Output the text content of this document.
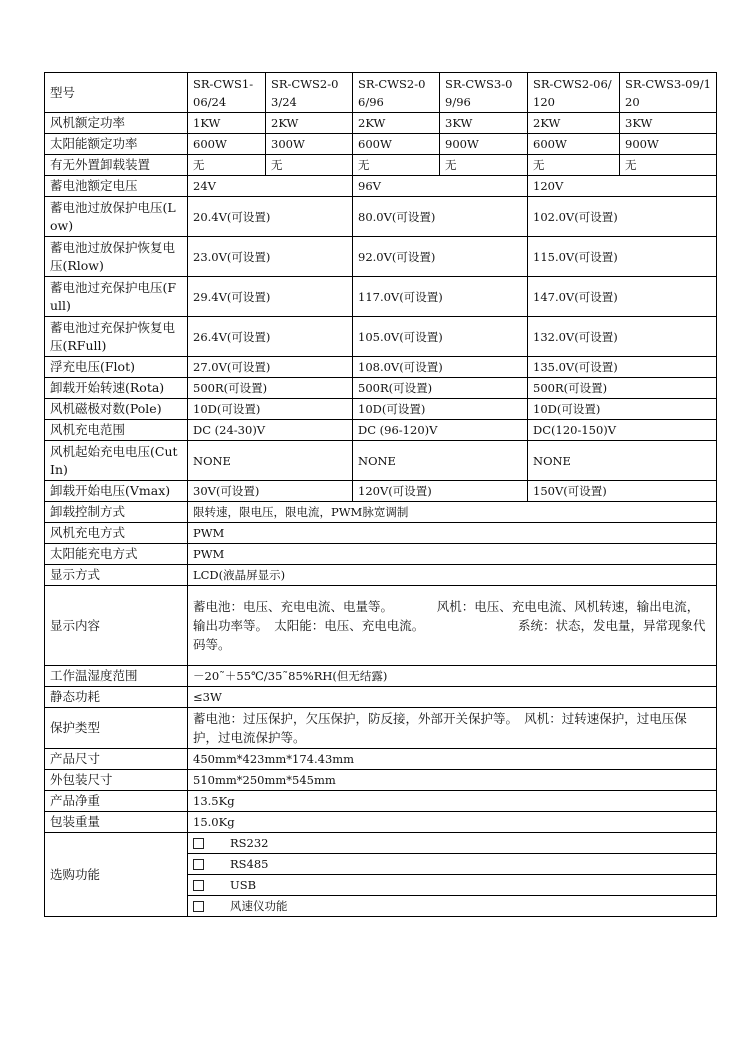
型号	SR-CWS1-06/24	SR-CWS2-03/24	SR-CWS2-06/96	SR-CWS3-09/96	SR-CWS2-06/120	SR-CWS3-09/120
风机额定功率	1KW	2KW	2KW	3KW	2KW	3KW
太阳能额定功率	600W	300W	600W	900W	600W	900W
有无外置卸载装置	无	无	无	无	无	无
蓄电池额定电压	24V		96V		120V	
蓄电池过放保护电压(Low)	20.4V(可设置)		80.0V(可设置)		102.0V(可设置)	
蓄电池过放保护恢复电压(Rlow)	23.0V(可设置)		92.0V(可设置)		115.0V(可设置)	
蓄电池过充保护电压(Full)	29.4V(可设置)		117.0V(可设置)		147.0V(可设置)	
蓄电池过充保护恢复电压(RFull)	26.4V(可设置)		105.0V(可设置)		132.0V(可设置)	
浮充电压(Flot)	27.0V(可设置)		108.0V(可设置)		135.0V(可设置)	
卸载开始转速(Rota)	500R(可设置)		500R(可设置)		500R(可设置)	
风机磁极对数(Pole)	10D(可设置)		10D(可设置)		10D(可设置)	
风机充电范围	DC (24-30)V		DC (96-120)V		DC(120-150)V	
风机起始充电电压(CutIn)	NONE		NONE		NONE	
卸载开始电压(Vmax)	30V(可设置)		120V(可设置)		150V(可设置)	
卸载控制方式	限转速，限电压，限电流，PWM脉宽调制					
风机充电方式	PWM					
太阳能充电方式	PWM					
显示方式	LCD(液晶屏显示)					
显示内容	蓄电池：电压、充电电流、电量等。　　　　风机：电压、充电电流、风机转速，输出电流，输出功率等。　太阳能：电压、充电电流。　　　　　　　　系统：状态，发电量，异常现象代码等。					

工作温湿度范围	－20˜＋55℃/35˜85%RH(但无结露)					
静态功耗	≤3W					
保护类型	蓄电池：过压保护，欠压保护，防反接，外部开关保护等。　风机：过转速保护，过电压保护，过电流保护等。					

产品尺寸	450mm*423mm*174.43mm					
外包装尺寸	510mm*250mm*545mm					
产品净重	13.5Kg					
包装重量	15.0Kg					
选购功能	RS232					
	RS485					
	USB					
	风速仪功能					
